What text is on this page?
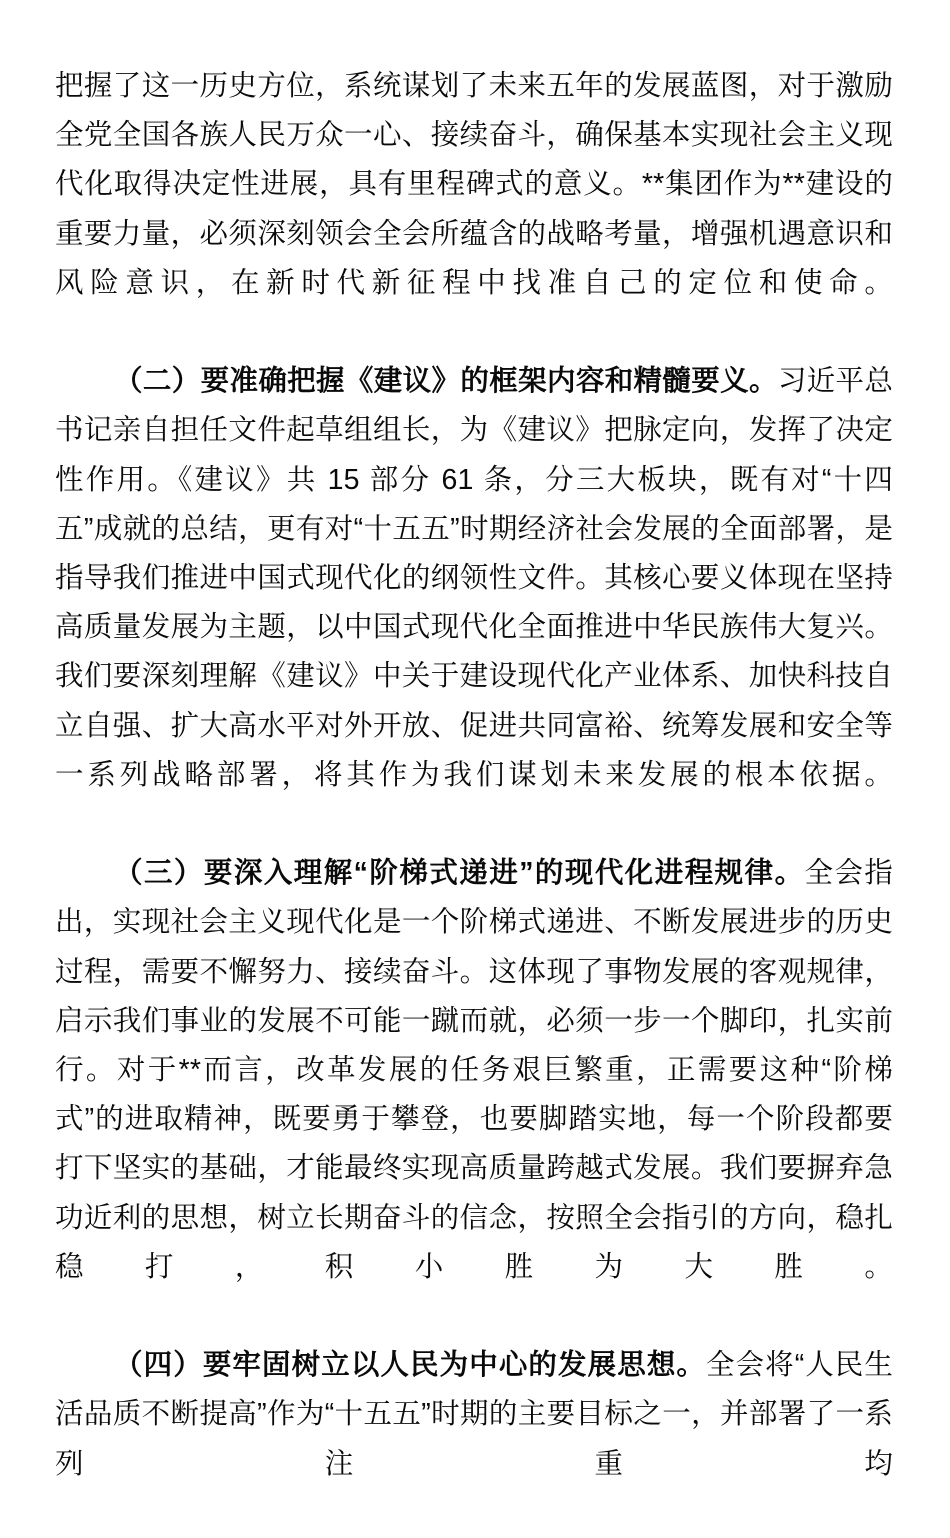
把握了这一历史方位，系统谋划了未来五年的发展蓝图，对于激励全党全国各族人民万众一心、接续奋斗，确保基本实现社会主义现代化取得决定性进展，具有里程碑式的意义。**集团作为**建设的重要力量，必须深刻领会全会所蕴含的战略考量，增强机遇意识和风险意识，在新时代新征程中找准自己的定位和使命。

（二）要准确把握《建议》的框架内容和精髓要义。习近平总书记亲自担任文件起草组组长，为《建议》把脉定向，发挥了决定性作用。《建议》共 15 部分 61 条，分三大板块，既有对“十四五”成就的总结，更有对“十五五”时期经济社会发展的全面部署，是指导我们推进中国式现代化的纲领性文件。其核心要义体现在坚持高质量发展为主题，以中国式现代化全面推进中华民族伟大复兴。我们要深刻理解《建议》中关于建设现代化产业体系、加快科技自立自强、扩大高水平对外开放、促进共同富裕、统筹发展和安全等一系列战略部署，将其作为我们谋划未来发展的根本依据。

（三）要深入理解“阶梯式递进”的现代化进程规律。全会指出，实现社会主义现代化是一个阶梯式递进、不断发展进步的历史过程，需要不懈努力、接续奋斗。这体现了事物发展的客观规律，启示我们事业的发展不可能一蹴而就，必须一步一个脚印，扎实前行。对于**而言，改革发展的任务艰巨繁重，正需要这种“阶梯式”的进取精神，既要勇于攀登，也要脚踏实地，每一个阶段都要打下坚实的基础，才能最终实现高质量跨越式发展。我们要摒弃急功近利的思想，树立长期奋斗的信念，按照全会指引的方向，稳扎稳打，积小胜为大胜。

（四）要牢固树立以人民为中心的发展思想。全会将“人民生活品质不断提高”作为“十五五”时期的主要目标之一，并部署了一系列注重均
